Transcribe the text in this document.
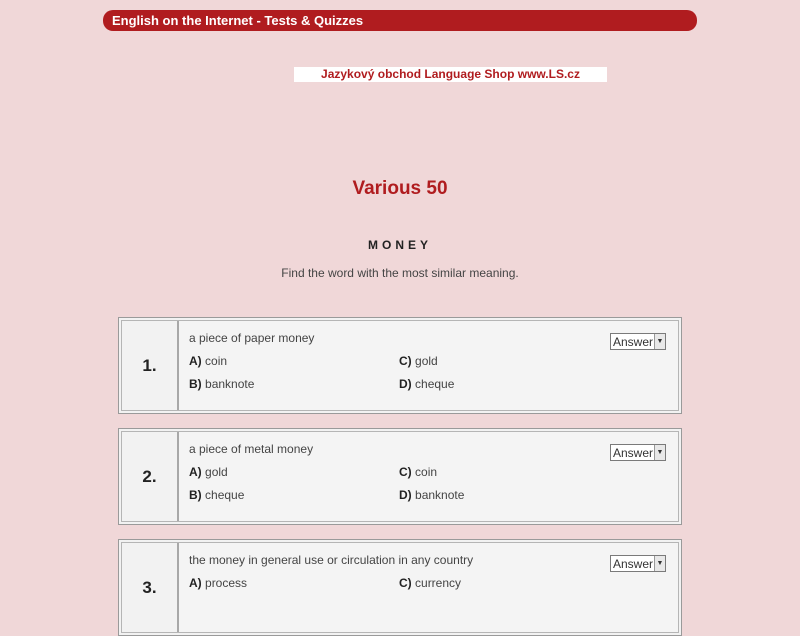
English on the Internet - Tests & Quizzes
Jazykový obchod Language Shop www.LS.cz
Various 50
MONEY
Find the word with the most similar meaning.
1.
a piece of paper money
A) coin
B) banknote
C) gold
D) cheque
Answer ▼
2.
a piece of metal money
A) gold
B) cheque
C) coin
D) banknote
Answer ▼
3.
the money in general use or circulation in any country
A) process	C) currency
Answer ▼
